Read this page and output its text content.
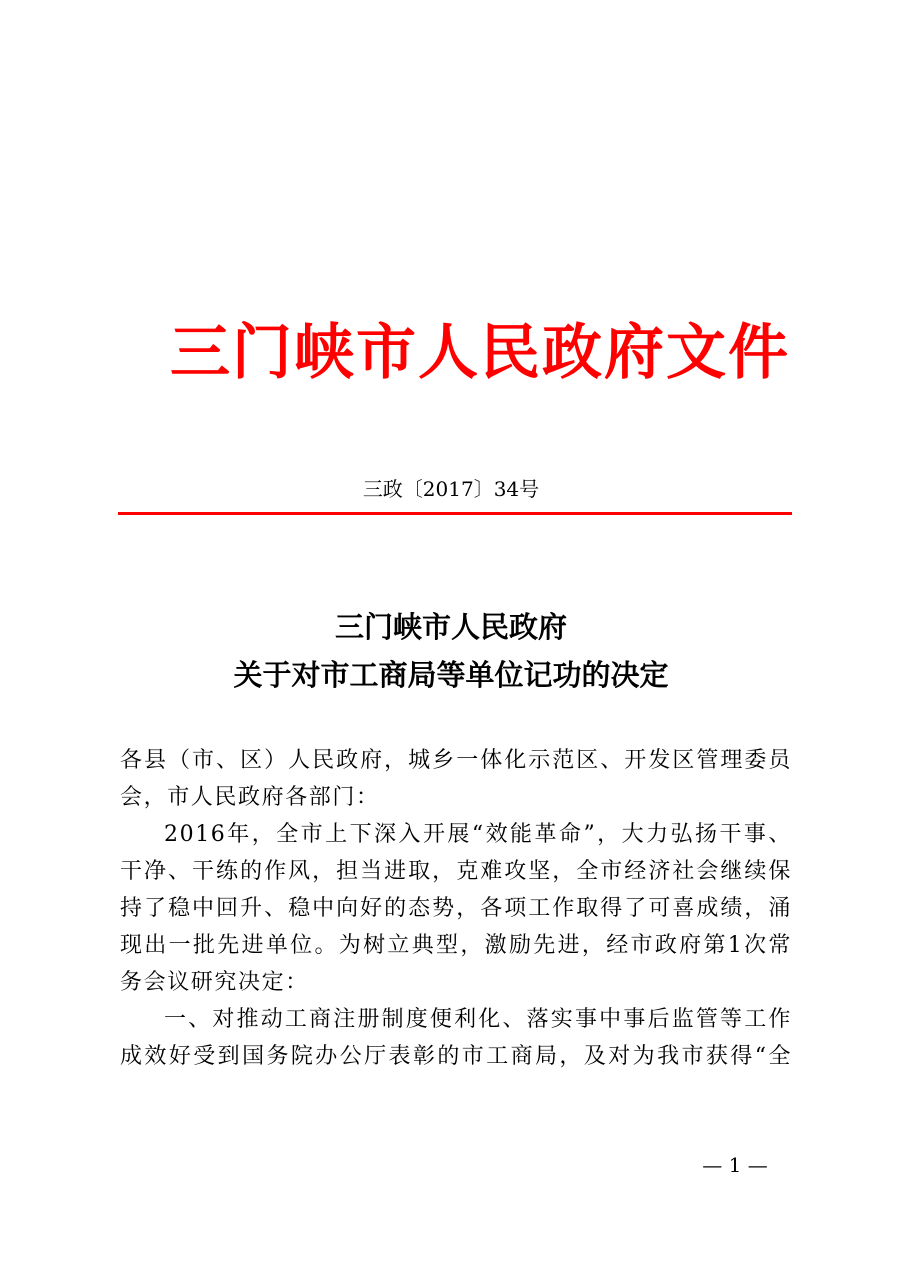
三门峡市人民政府文件
三政〔2017〕34号
三门峡市人民政府
关于对市工商局等单位记功的决定
各县（市、区）人民政府，城乡一体化示范区、开发区管理委员
会，市人民政府各部门：
2016年，全市上下深入开展“效能革命”，大力弘扬干事、
干净、干练的作风，担当进取，克难攻坚，全市经济社会继续保
持了稳中回升、稳中向好的态势，各项工作取得了可喜成绩，涌
现出一批先进单位。为树立典型，激励先进，经市政府第1次常
务会议研究决定：
一、对推动工商注册制度便利化、落实事中事后监管等工作
成效好受到国务院办公厅表彰的市工商局，及对为我市获得“全
— 1 —
